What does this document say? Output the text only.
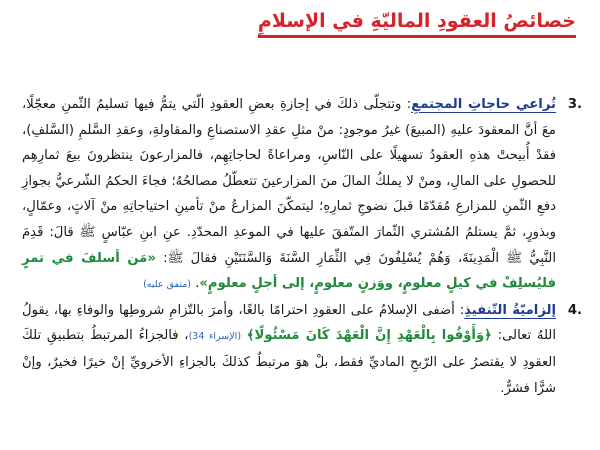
خصائصُ العقودِ الماليّةِ في الإسلامِ

3.
تُراعي حاجاتِ المجتمعِ: وتتجلّى ذلكَ في إجازةِ بعضِ العقودِ الّتي يتمُّ فيها تسليمُ الثّمنِ معجّلًا، معَ أنَّ المعقودَ عليهِ (المبيعَ) غيرُ موجودٍ: منْ مثلِ عقدِ الاستصناعِ والمقاولةِ، وعقدِ السَّلمِ (السَّلفِ)، فقدْ أُبيحتْ هذهِ العقودُ تسهيلًا على النّاسِ، ومراعاةً لحاجاتِهِم، فالمزارعونَ ينتظرونَ بيعَ ثمارِهِم للحصولِ على المالِ، ومنْ لا يملكُ المالَ منَ المزارعينَ تتعطّلُ مصالحُهُ؛ فجاءَ الحكمُ الشّرعيُّ بجوازِ دفعِ الثّمنِ للمزارعِ مُقدّمًا قبلَ نضوجِ ثمارِهِ؛ ليتمكّنَ المزارعُ منْ تأمينِ احتياجاتِهِ منْ آلاتٍ، وعمّالٍ، وبذورٍ، ثمَّ يستلمُ المُشتري الثّمارَ المتّفقَ عليها في الموعدِ المحدّدِ. عنِ ابنِ عبّاسٍ ﷺ قالَ: قَدِمَ النَّبِيُّ ﷺ الْمَدِينَةَ، وَهُمْ يُسْلِفُونَ فِي الثِّمَارِ السَّنَةَ وَالسَّنَتَيْنِ فقالَ ﷺ: «مَن أسلفَ في تمرٍ فليُسلِفْ في كيلٍ معلومٍ، ووَزنٍ معلومٍ، إلى أجلٍ معلومٍ». (متفق عليه)

4.
إلزاميّةُ التّنفيذِ: أضفى الإسلامُ على العقودِ احترامًا بالغًا، وأمرَ بالتّزامِ شروطِها والوفاءِ بها، يقولُ اللهُ تعالى: ﴿وَأَوْفُوا بِالْعَهْدِ إِنَّ الْعَهْدَ كَانَ مَسْئُولًا﴾ (الإسراء 34)، فالجزاءُ المرتبطُ بتطبيقِ تلكَ العقودِ لا يقتصرُ على الرّبحِ الماديِّ فقط، بلْ هوَ مرتبطٌ كذلكَ بالجزاءِ الأخرويِّ إنْ خيرًا فخيرٌ، وإنْ شرًّا فشرٌّ.
